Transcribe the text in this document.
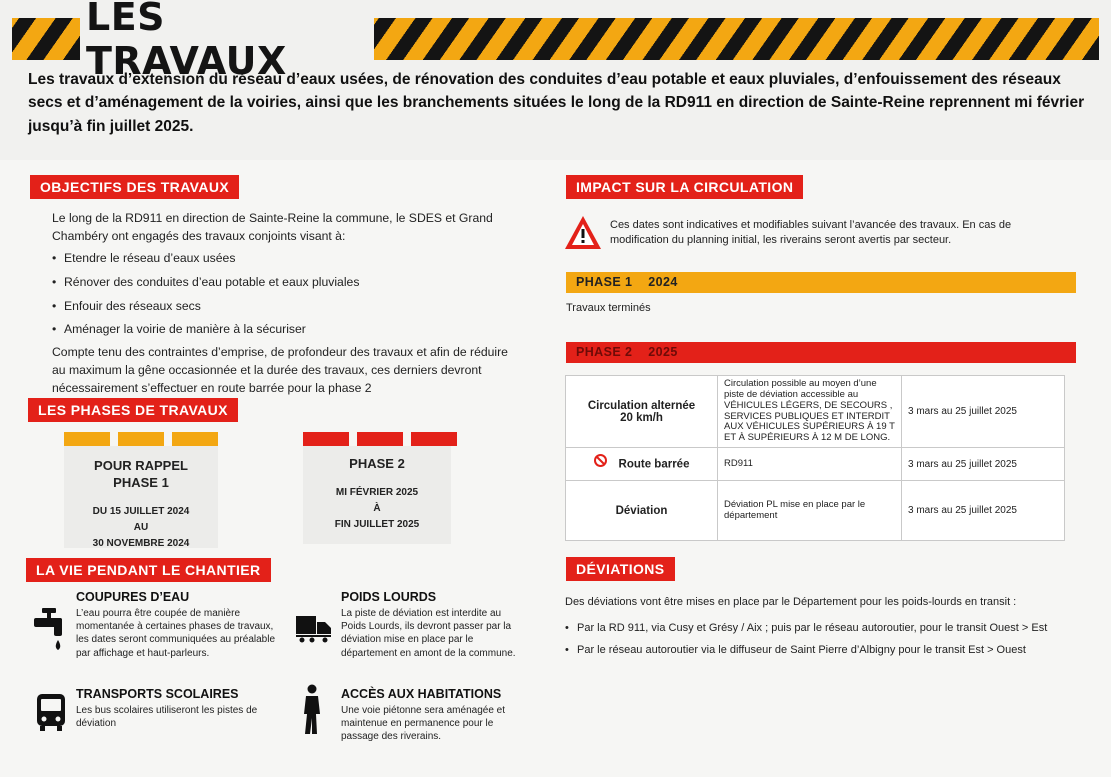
LES TRAVAUX

Les travaux d’extension du réseau d’eaux usées, de rénovation des conduites d’eau potable et eaux pluviales, d’enfouissement des réseaux secs et d’aménagement de la voiries, ainsi que les branchements situées le long de la RD911 en direction de Sainte-Reine reprennent mi février jusqu’à fin juillet 2025.

OBJECTIFS DES TRAVAUX

Le long de la RD911 en direction de Sainte-Reine la commune, le SDES et Grand Chambéry ont engagés des travaux conjoints visant à:

• Etendre le réseau d’eaux usées
• Rénover des conduites d’eau potable et eaux pluviales
• Enfouir des réseaux secs
• Aménager la voirie de manière à la sécuriser

Compte tenu des contraintes d’emprise, de profondeur des travaux et afin de réduire au maximum la gêne occasionnée et la durée des travaux, ces derniers devront nécessairement s’effectuer en route barrée pour la phase 2

LES PHASES DE TRAVAUX
POUR RAPPEL
PHASE 1
DU 15 JUILLET 2024
AU
30 NOVEMBRE 2024
PHASE 2
MI FÉVRIER 2025
À
FIN JUILLET 2025
LA VIE PENDANT LE CHANTIER
COUPURES D’EAU
L’eau pourra être coupée de manière momentanée à certaines phases de travaux, les dates seront communiquées au préalable par affichage et haut-parleurs.
POIDS LOURDS
La piste de déviation est interdite au Poids Lourds, ils devront passer par la déviation mise en place par le département en amont de la commune.
TRANSPORTS SCOLAIRES
Les bus scolaires utiliseront les pistes de déviation
ACCÈS AUX HABITATIONS
Une voie piétonne sera aménagée et maintenue en permanence pour le passage des riverains.
IMPACT SUR LA CIRCULATION

Ces dates sont indicatives et modifiables suivant l’avancée des travaux. En cas de modification du planning initial, les riverains seront avertis par secteur.

PHASE 1 2024
Travaux terminés
PHASE 2 2025
Circulation alternée 20 km/h	Circulation possible au moyen d’une piste de déviation accessible au VÉHICULES LÉGERS, DE SECOURS , SERVICES PUBLIQUES ET INTERDIT AUX VÉHICULES SUPÉRIEURS À 19 T ET À SUPÉRIEURS À 12 M DE LONG.	3 mars au 25 juillet 2025
Route barrée	RD911	3 mars au 25 juillet 2025
Déviation	Déviation PL mise en place par le département	3 mars au 25 juillet 2025
DÉVIATIONS

Des déviations vont être mises en place par le Département pour les poids-lourds en transit :

• Par la RD 911, via Cusy et Grésy / Aix ; puis par le réseau autoroutier, pour le transit Ouest > Est
• Par le réseau autoroutier via le diffuseur de Saint Pierre d’Albigny pour le transit Est > Ouest
